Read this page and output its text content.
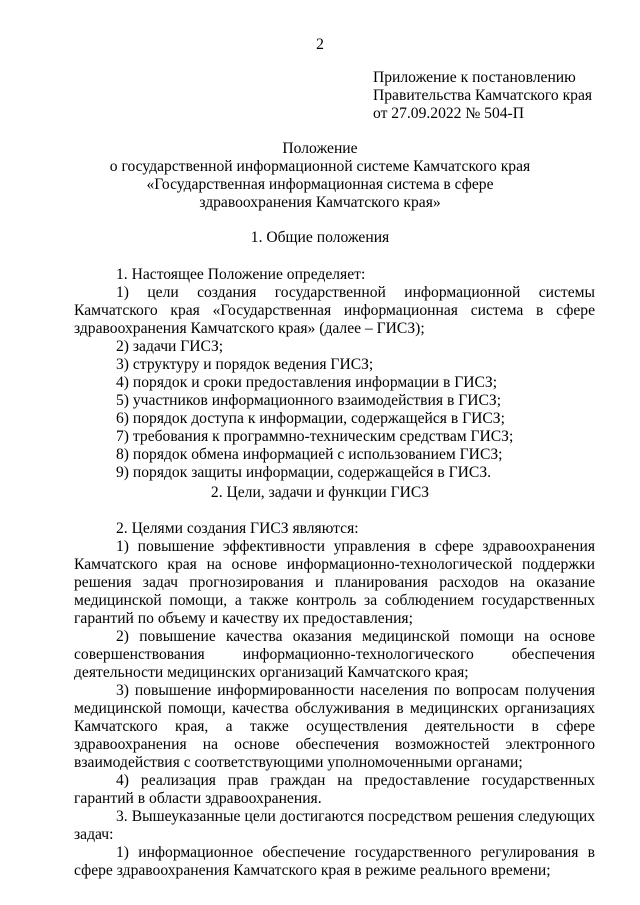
2
Приложение к постановлению
Правительства Камчатского края
от 27.09.2022 № 504-П
Положение
о государственной информационной системе Камчатского края
«Государственная информационная система в сфере
здравоохранения Камчатского края»
1. Общие положения

1. Настоящее Положение определяет:

1) цели создания государственной информационной системы Камчатского края «Государственная информационная система в сфере здравоохранения Камчатского края» (далее – ГИСЗ);

2) задачи ГИСЗ;

3) структуру и порядок ведения ГИСЗ;

4) порядок и сроки предоставления информации в ГИСЗ;

5) участников информационного взаимодействия в ГИСЗ;

6) порядок доступа к информации, содержащейся в ГИСЗ;

7) требования к программно-техническим средствам ГИСЗ;

8) порядок обмена информацией с использованием ГИСЗ;

9) порядок защиты информации, содержащейся в ГИСЗ.

2. Цели, задачи и функции ГИСЗ

2. Целями создания ГИСЗ являются:

1) повышение эффективности управления в сфере здравоохранения Камчатского края на основе информационно-технологической поддержки решения задач прогнозирования и планирования расходов на оказание медицинской помощи, а также контроль за соблюдением государственных гарантий по объему и качеству их предоставления;

2) повышение качества оказания медицинской помощи на основе совершенствования информационно-технологического обеспечения деятельности медицинских организаций Камчатского края;

3) повышение информированности населения по вопросам получения медицинской помощи, качества обслуживания в медицинских организациях Камчатского края, а также осуществления деятельности в сфере здравоохранения на основе обеспечения возможностей электронного взаимодействия с соответствующими уполномоченными органами;

4) реализация прав граждан на предоставление государственных гарантий в области здравоохранения.

3. Вышеуказанные цели достигаются посредством решения следующих задач:

1) информационное обеспечение государственного регулирования в сфере здравоохранения Камчатского края в режиме реального времени;
